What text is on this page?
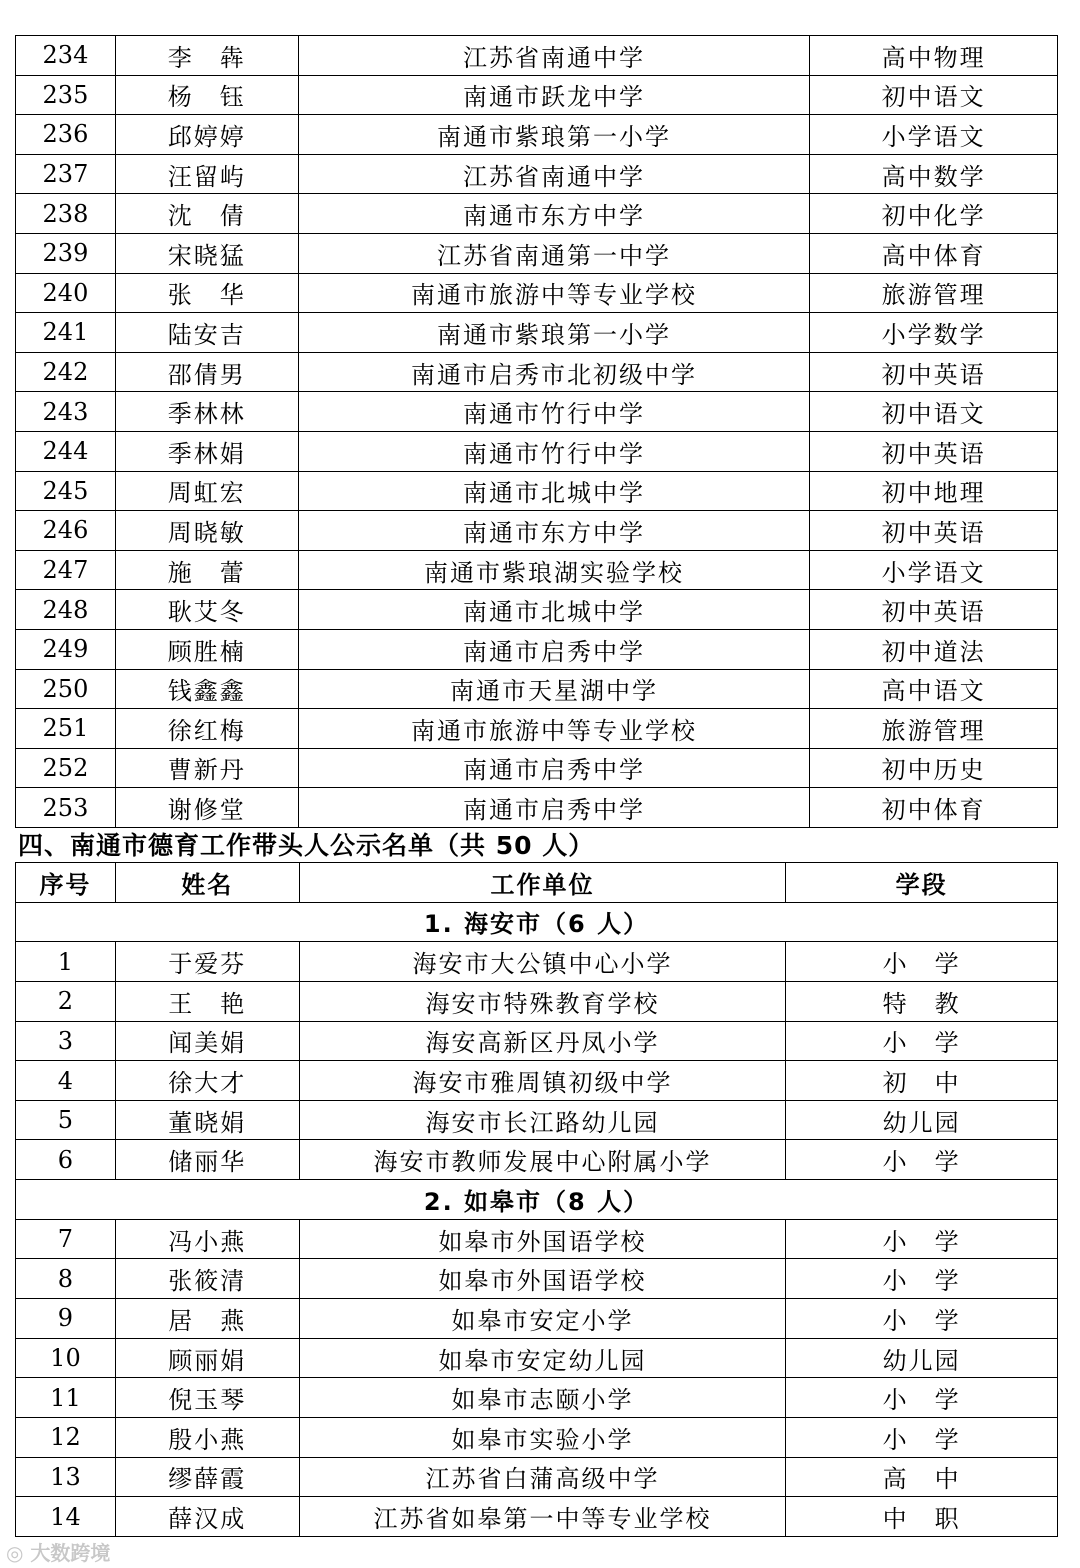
234	李　犇	江苏省南通中学	高中物理
235	杨　钰	南通市跃龙中学	初中语文
236	邱婷婷	南通市紫琅第一小学	小学语文
237	汪留屿	江苏省南通中学	高中数学
238	沈　倩	南通市东方中学	初中化学
239	宋晓猛	江苏省南通第一中学	高中体育
240	张　华	南通市旅游中等专业学校	旅游管理
241	陆安吉	南通市紫琅第一小学	小学数学
242	邵倩男	南通市启秀市北初级中学	初中英语
243	季林林	南通市竹行中学	初中语文
244	季林娟	南通市竹行中学	初中英语
245	周虹宏	南通市北城中学	初中地理
246	周晓敏	南通市东方中学	初中英语
247	施　蕾	南通市紫琅湖实验学校	小学语文
248	耿艾冬	南通市北城中学	初中英语
249	顾胜楠	南通市启秀中学	初中道法
250	钱鑫鑫	南通市天星湖中学	高中语文
251	徐红梅	南通市旅游中等专业学校	旅游管理
252	曹新丹	南通市启秀中学	初中历史
253	谢修堂	南通市启秀中学	初中体育
四、南通市德育工作带头人公示名单（共 50 人）
序号	姓名	工作单位	学段
1. 海安市（6 人）			
1	于爱芬	海安市大公镇中心小学	小　学
2	王　艳	海安市特殊教育学校	特　教
3	闻美娟	海安高新区丹凤小学	小　学
4	徐大才	海安市雅周镇初级中学	初　中
5	董晓娟	海安市长江路幼儿园	幼儿园
6	储丽华	海安市教师发展中心附属小学	小　学
2. 如皋市（8 人）			
7	冯小燕	如皋市外国语学校	小　学
8	张筱清	如皋市外国语学校	小　学
9	居　燕	如皋市安定小学	小　学
10	顾丽娟	如皋市安定幼儿园	幼儿园
11	倪玉琴	如皋市志颐小学	小　学
12	殷小燕	如皋市实验小学	小　学
13	缪薛霞	江苏省白蒲高级中学	高　中
14	薛汉成	江苏省如皋第一中等专业学校	中　职
◎ 大数跨境
